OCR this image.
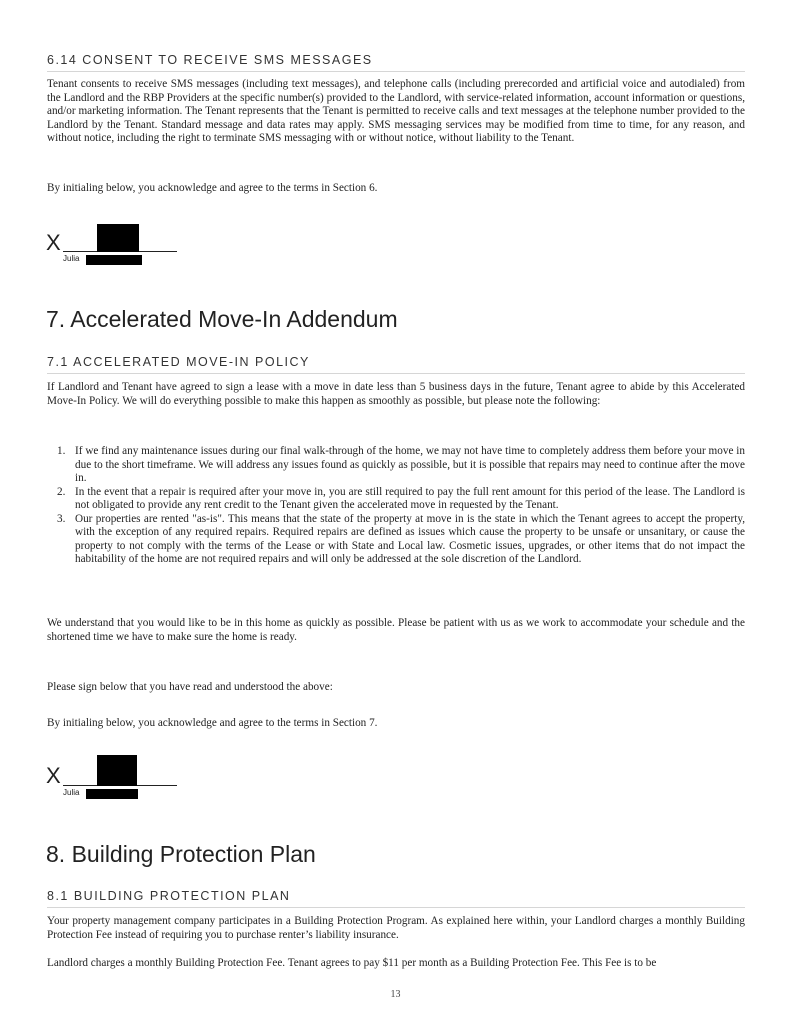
6.14 CONSENT TO RECEIVE SMS MESSAGES

Tenant consents to receive SMS messages (including text messages), and telephone calls (including prerecorded and artificial voice and autodialed) from the Landlord and the RBP Providers at the specific number(s) provided to the Landlord, with service-related information, account information or questions, and/or marketing information. The Tenant represents that the Tenant is permitted to receive calls and text messages at the telephone number provided to the Landlord by the Tenant. Standard message and data rates may apply. SMS messaging services may be modified from time to time, for any reason, and without notice, including the right to terminate SMS messaging with or without notice, without liability to the Tenant.

By initialing below, you acknowledge and agree to the terms in Section 6.

X
Julia
7. Accelerated Move-In Addendum
7.1 ACCELERATED MOVE-IN POLICY

If Landlord and Tenant have agreed to sign a lease with a move in date less than 5 business days in the future, Tenant agree to abide by this Accelerated Move-In Policy. We will do everything possible to make this happen as smoothly as possible, but please note the following:

1. If we find any maintenance issues during our final walk-through of the home, we may not have time to completely address them before your move in due to the short timeframe. We will address any issues found as quickly as possible, but it is possible that repairs may need to continue after the move in.
2. In the event that a repair is required after your move in, you are still required to pay the full rent amount for this period of the lease. The Landlord is not obligated to provide any rent credit to the Tenant given the accelerated move in requested by the Tenant.
3. Our properties are rented "as-is". This means that the state of the property at move in is the state in which the Tenant agrees to accept the property, with the exception of any required repairs. Required repairs are defined as issues which cause the property to be unsafe or unsanitary, or cause the property to not comply with the terms of the Lease or with State and Local law. Cosmetic issues, upgrades, or other items that do not impact the habitability of the home are not required repairs and will only be addressed at the sole discretion of the Landlord.

We understand that you would like to be in this home as quickly as possible. Please be patient with us as we work to accommodate your schedule and the shortened time we have to make sure the home is ready.

Please sign below that you have read and understood the above:

By initialing below, you acknowledge and agree to the terms in Section 7.

X
Julia
8. Building Protection Plan
8.1 BUILDING PROTECTION PLAN

Your property management company participates in a Building Protection Program. As explained here within, your Landlord charges a monthly Building Protection Fee instead of requiring you to purchase renter’s liability insurance.

Landlord charges a monthly Building Protection Fee. Tenant agrees to pay $11 per month as a Building Protection Fee. This Fee is to be

13
